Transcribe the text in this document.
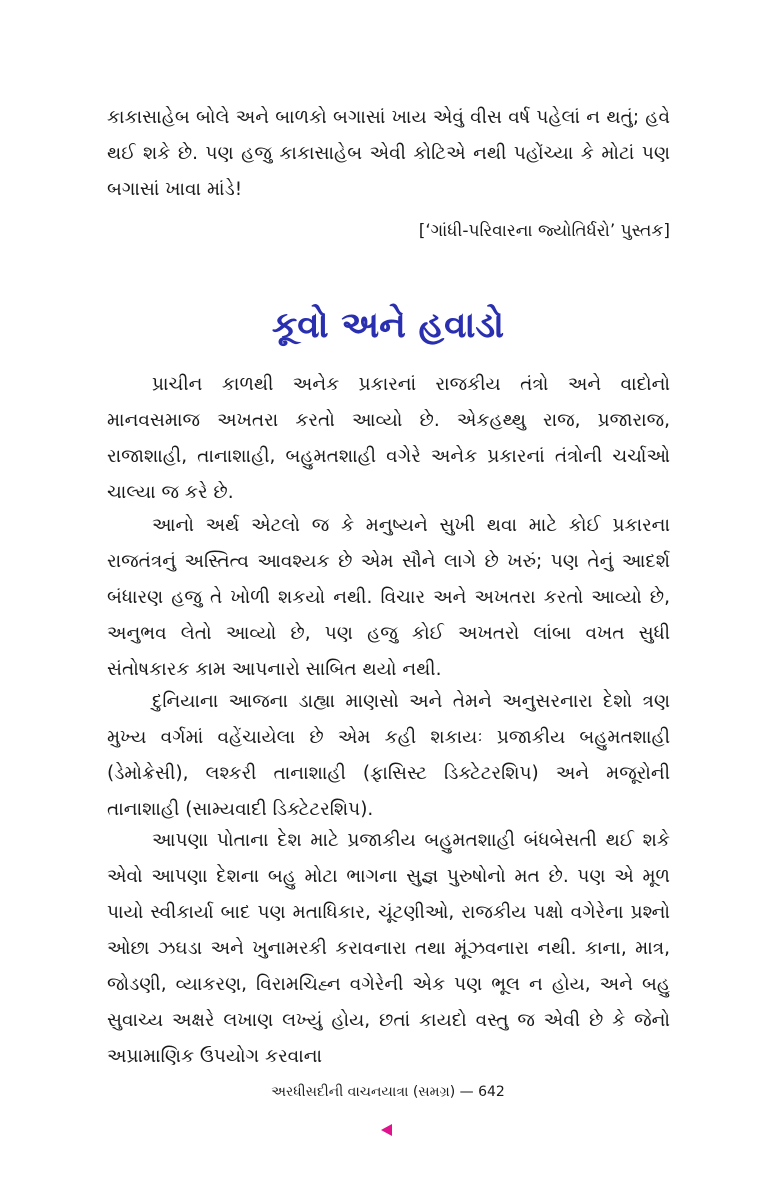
કાકાસાહેબ બોલે અને બાળકો બગાસાં ખાય એવું વીસ વર્ષ પહેલાં ન થતું; હવે થઈ શકે છે. પણ હજુ કાકાસાહેબ એવી કોટિએ નથી પહોંચ્યા કે મોટાં પણ બગાસાં ખાવા માંડે!

[‘ગાંધી-પરિવારના જ્યોતિર્ધરો’ પુસ્તક]

કૂવો અને હવાડો

પ્રાચીન કાળથી અનેક પ્રકારનાં રાજકીય તંત્રો અને વાદોનો માનવસમાજ અખતરા કરતો આવ્યો છે. એકહથ્થુ રાજ, પ્રજારાજ, રાજાશાહી, તાનાશાહી, બહુમતશાહી વગેરે અનેક પ્રકારનાં તંત્રોની ચર્ચાઓ ચાલ્યા જ કરે છે.

આનો અર્થ એટલો જ કે મનુષ્યને સુખી થવા માટે કોઈ પ્રકારના રાજતંત્રનું અસ્તિત્વ આવશ્યક છે એમ સૌને લાગે છે ખરું; પણ તેનું આદર્શ બંધારણ હજુ તે ખોળી શકયો નથી. વિચાર અને અખતરા કરતો આવ્યો છે, અનુભવ લેતો આવ્યો છે, પણ હજુ કોઈ અખતરો લાંબા વખત સુધી સંતોષકારક કામ આપનારો સાબિત થયો નથી.

દુનિયાના આજના ડાહ્યા માણસો અને તેમને અનુસરનારા દેશો ત્રણ મુખ્ય વર્ગમાં વહેંચાયેલા છે એમ કહી શકાયઃ પ્રજાકીય બહુમતશાહી (ડેમોક્રેસી), લશ્કરી તાનાશાહી (ફાસિસ્ટ ડિક્ટેટરશિપ) અને મજૂરોની તાનાશાહી (સામ્યવાદી ડિક્ટેટરશિપ).

આપણા પોતાના દેશ માટે પ્રજાકીય બહુમતશાહી બંધબેસતી થઈ શકે એવો આપણા દેશના બહુ મોટા ભાગના સુજ્ઞ પુરુષોનો મત છે. પણ એ મૂળ પાયો સ્વીકાર્યા બાદ પણ મતાધિકાર, ચૂંટણીઓ, રાજકીય પક્ષો વગેરેના પ્રશ્નો ઓછા ઝઘડા અને ખુનામરકી કરાવનારા તથા મૂંઝવનારા નથી. કાના, માત્ર, જોડણી, વ્યાકરણ, વિરામચિહ્ન વગેરેની એક પણ ભૂલ ન હોય, અને બહુ સુવાચ્ય અક્ષરે લખાણ લખ્યું હોય, છતાં કાયદો વસ્તુ જ એવી છે કે જેનો અપ્રામાણિક ઉપયોગ કરવાના

અરધીસદીની વાચનયાત્રા (સમગ્ર) — 642
